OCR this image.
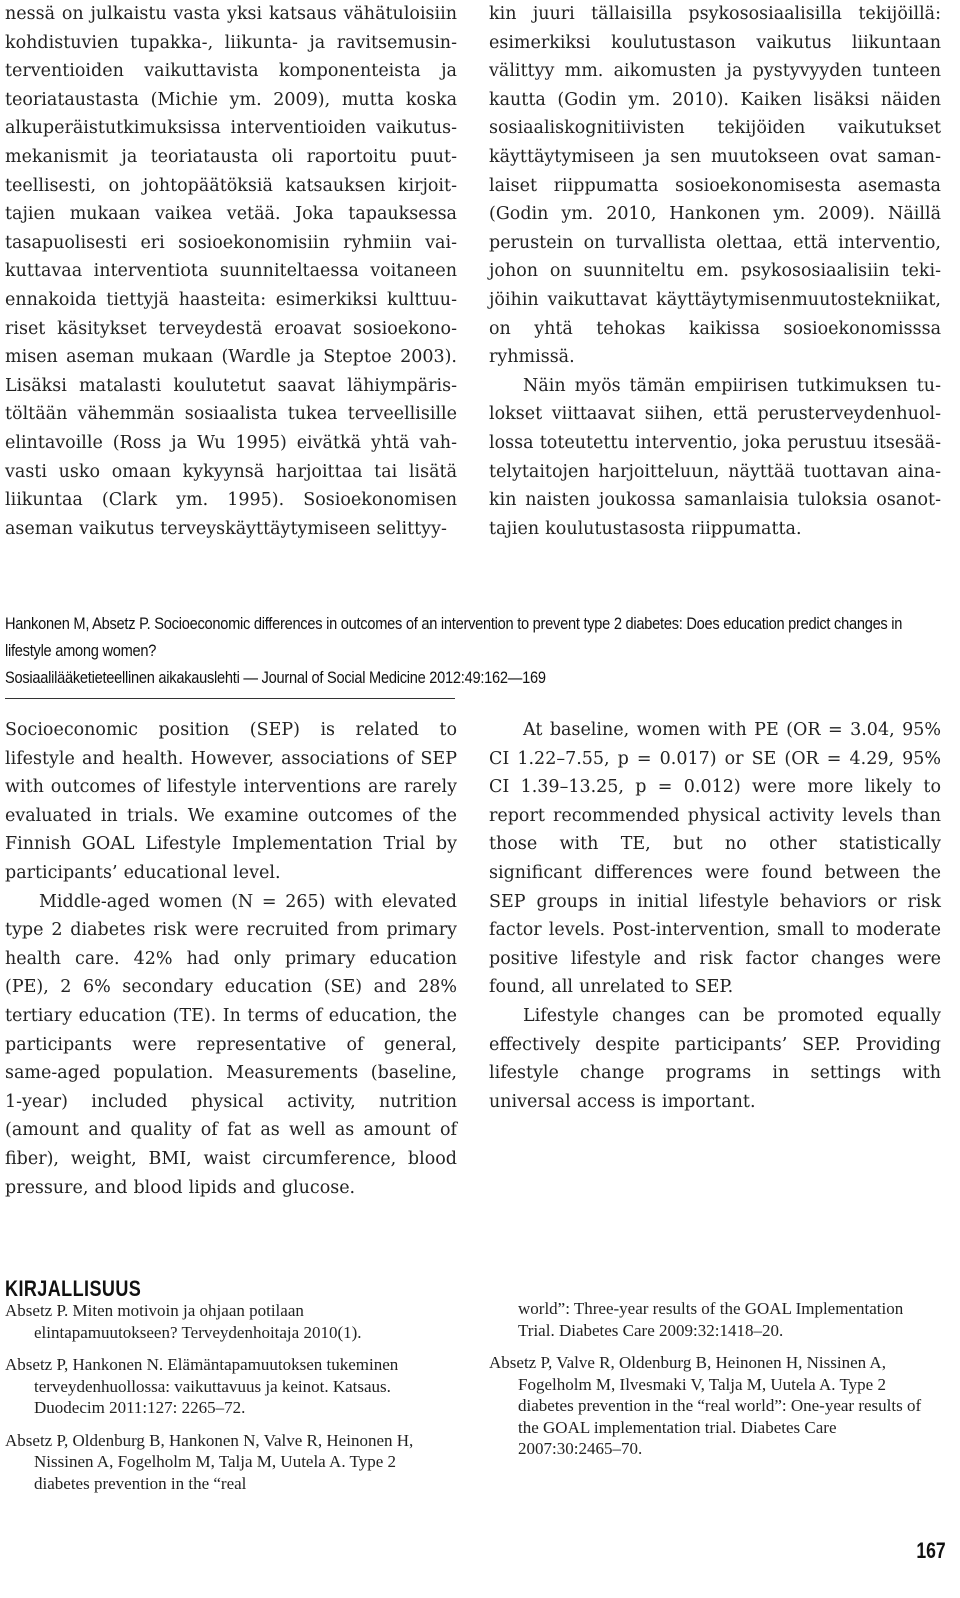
nessä on julkaistu vasta yksi katsaus vähätuloisiin kohdistuvien tupakka-, liikunta- ja ravitsemusinterventioiden vaikuttavista komponenteista ja teoriataustasta (Michie ym. 2009), mutta koska alkuperäistutkimuksissa interventioiden vaikutusmekanismit ja teoriatausta oli raportoitu puutteellisesti, on johtopäätöksiä katsauksen kirjoittajien mukaan vaikea vetää. Joka tapauksessa tasapuolisesti eri sosioekonomisiin ryhmiin vaikuttavaa interventiota suunniteltaessa voitaneen ennakoida tiettyjä haasteita: esimerkiksi kulttuuriset käsitykset terveydestä eroavat sosioekonomisen aseman mukaan (Wardle ja Steptoe 2003). Lisäksi matalasti koulutetut saavat lähiympäristöltään vähemmän sosiaalista tukea terveellisille elintavoille (Ross ja Wu 1995) eivätkä yhtä vahvasti usko omaan kykyynsä harjoittaa tai lisätä liikuntaa (Clark ym. 1995). Sosioekonomisen aseman vaikutus terveyskäyttäytymiseen selittyy-

kin juuri tällaisilla psykososiaalisilla tekijöillä: esimerkiksi koulutustason vaikutus liikuntaan välittyy mm. aikomusten ja pystyvyyden tunteen kautta (Godin ym. 2010). Kaiken lisäksi näiden sosiaaliskognitiivisten tekijöiden vaikutukset käyttäytymiseen ja sen muutokseen ovat samanlaiset riippumatta sosioekonomisesta asemasta (Godin ym. 2010, Hankonen ym. 2009). Näillä perustein on turvallista olettaa, että interventio, johon on suunniteltu em. psykososiaalisiin tekijöihin vaikuttavat käyttäytymisenmuutostekniikat, on yhtä tehokas kaikissa sosioekonomisssa ryhmissä.

Näin myös tämän empiirisen tutkimuksen tulokset viittaavat siihen, että perusterveydenhuollossa toteutettu interventio, joka perustuu itsesäätelytaitojen harjoitteluun, näyttää tuottavan ainakin naisten joukossa samanlaisia tuloksia osanottajien koulutustasosta riippumatta.

Hankonen M, Absetz P. Socioeconomic differences in outcomes of an intervention to prevent type 2 diabetes: Does education predict changes in lifestyle among women?
Sosiaalilääketieteellinen aikakauslehti — Journal of Social Medicine 2012:49:162—169

Socioeconomic position (SEP) is related to lifestyle and health. However, associations of SEP with outcomes of lifestyle interventions are rarely evaluated in trials. We examine outcomes of the Finnish GOAL Lifestyle Implementation Trial by participants’ educational level.

Middle-aged women (N = 265) with elevated type 2 diabetes risk were recruited from primary health care. 42% had only primary education (PE), 2 6% secondary education (SE) and 28% tertiary education (TE). In terms of education, the participants were representative of general, same-aged population. Measurements (baseline, 1-year) included physical activity, nutrition (amount and quality of fat as well as amount of fiber), weight, BMI, waist circumference, blood pressure, and blood lipids and glucose.

At baseline, women with PE (OR = 3.04, 95% CI 1.22–7.55, p = 0.017) or SE (OR = 4.29, 95% CI 1.39–13.25, p = 0.012) were more likely to report recommended physical activity levels than those with TE, but no other statistically significant differences were found between the SEP groups in initial lifestyle behaviors or risk factor levels. Post-intervention, small to moderate positive lifestyle and risk factor changes were found, all unrelated to SEP.

Lifestyle changes can be promoted equally effectively despite participants’ SEP. Providing lifestyle change programs in settings with universal access is important.

KIRJALLISUUS
Absetz P. Miten motivoin ja ohjaan potilaan elintapamuutokseen? Terveydenhoitaja 2010(1).
Absetz P, Hankonen N. Elämäntapamuutoksen tukeminen terveydenhuollossa: vaikuttavuus ja keinot. Katsaus. Duodecim 2011:127: 2265–72.
Absetz P, Oldenburg B, Hankonen N, Valve R, Heinonen H, Nissinen A, Fogelholm M, Talja M, Uutela A. Type 2 diabetes prevention in the “real
world”: Three-year results of the GOAL Implementation Trial. Diabetes Care 2009:32:1418–20.
Absetz P, Valve R, Oldenburg B, Heinonen H, Nissinen A, Fogelholm M, Ilvesmaki V, Talja M, Uutela A. Type 2 diabetes prevention in the “real world”: One-year results of the GOAL implementation trial. Diabetes Care 2007:30:2465–70.
167
